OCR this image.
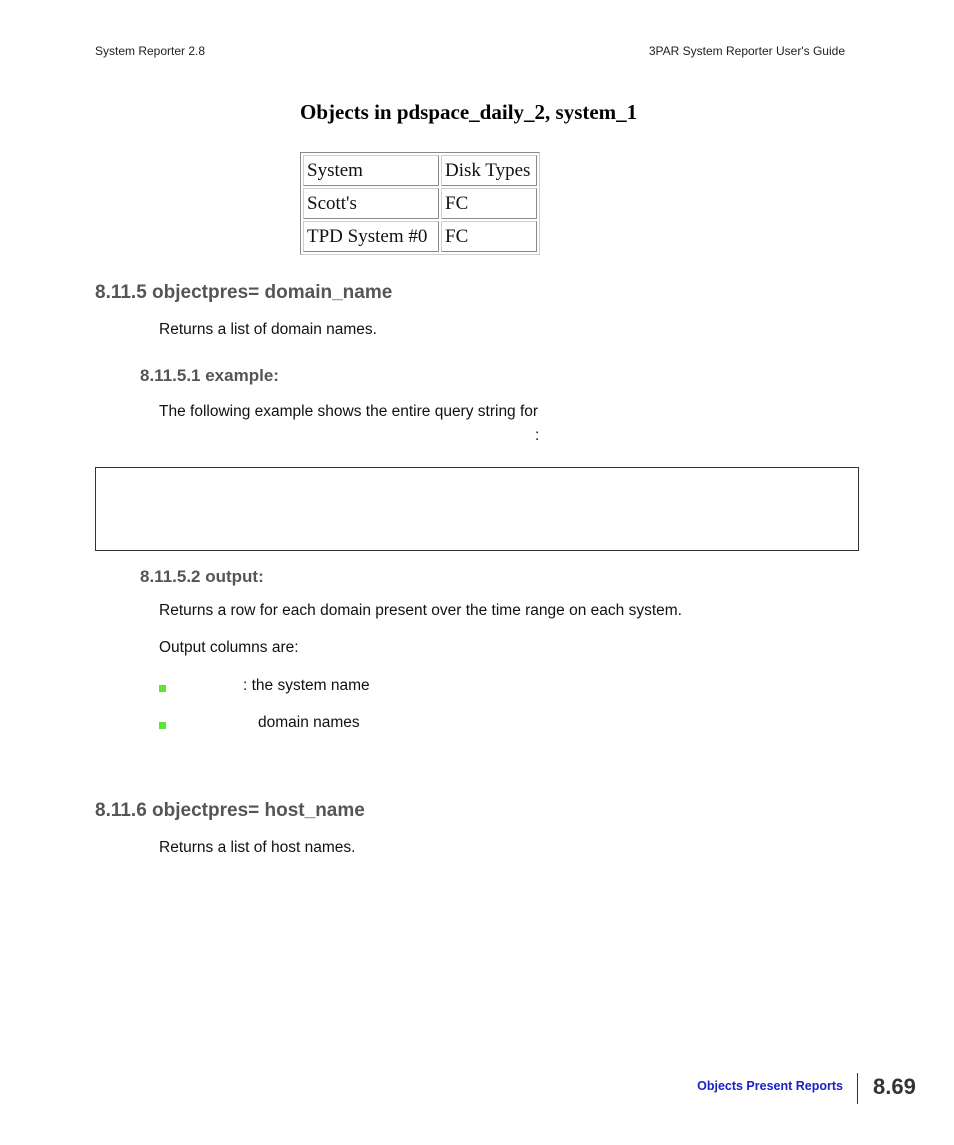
System Reporter 2.8	3PAR System Reporter User's Guide
Objects in pdspace_daily_2, system_1
System	Disk Types
Scott's	FC
TPD System #0	FC
8.11.5 objectpres= domain_name
Returns a list of domain names.
8.11.5.1 example:
The following example shows the entire query string for
:
8.11.5.2 output:
Returns a row for each domain present over the time range on each system.
Output columns are:
: the system name
domain names
8.11.6 objectpres= host_name
Returns a list of host names.
Objects Present Reports 8.69
